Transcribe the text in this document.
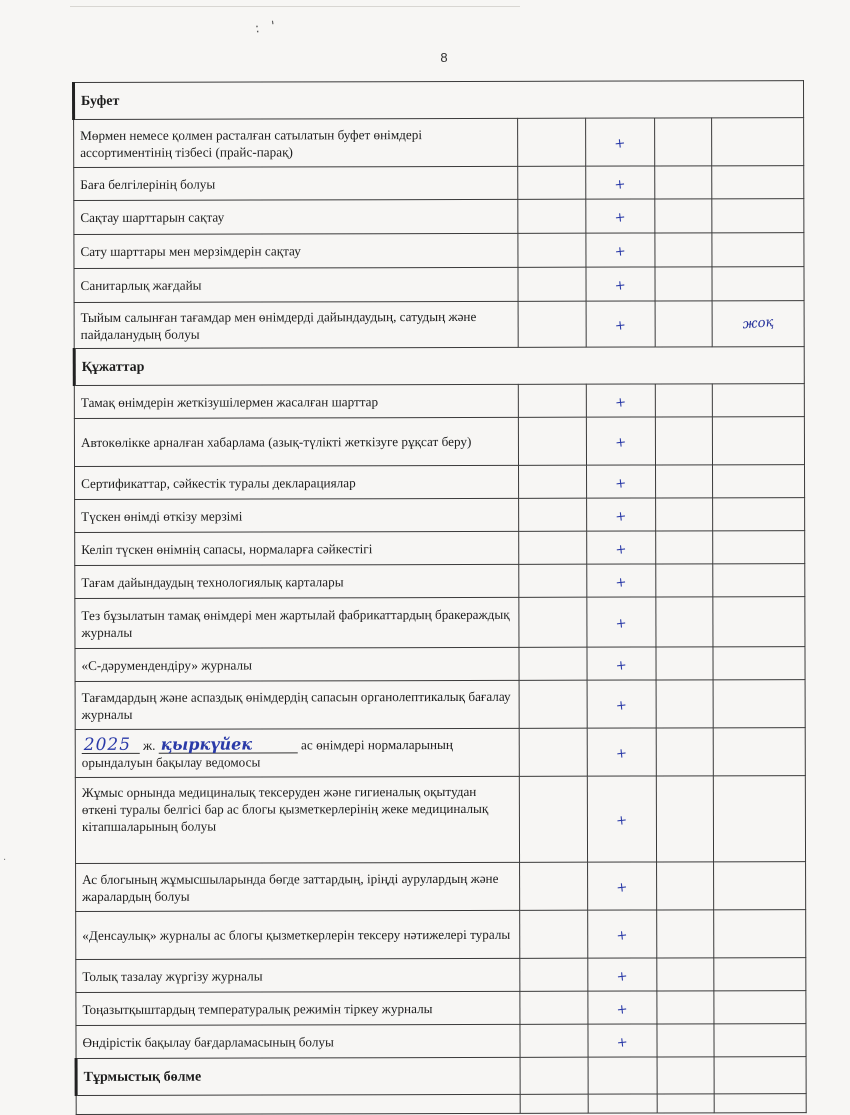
: '
8
·
Буфет				
Мөрмен немесе қолмен расталған сатылатын буфет өнімдері ассортиментінің тізбесі (прайс-парақ)		+		
Баға белгілерінің болуы		+		
Сақтау шарттарын сақтау		+		
Сату шарттары мен мерзімдерін сақтау		+		
Санитарлық жағдайы		+		
Тыйым салынған тағамдар мен өнімдерді дайындаудың, сатудың және пайдаланудың болуы		+		жоқ
Құжаттар				
Тамақ өнімдерін жеткізушілермен жасалған шарттар		+		
Автокөлікке арналған хабарлама (азық-түлікті жеткізуге рұқсат беру)		+		
Сертификаттар, сәйкестік туралы декларациялар		+		
Түскен өнімді өткізу мерзімі		+		
Келіп түскен өнімнің сапасы, нормаларға сәйкестігі		+		
Тағам дайындаудың технологиялық карталары		+		
Тез бұзылатын тамақ өнімдері мен жартылай фабрикаттардың бракераждық журналы		+		
«С-дәрумендендіру» журналы		+		
Тағамдардың және аспаздық өнімдердің сапасын органолептикалық бағалау журналы		+		
2025 ж. қыркүйек ас өнімдері нормаларының орындалуын бақылау ведомосы		+		
Жұмыс орнында медициналық тексеруден және гигиеналық оқытудан өткені туралы белгісі бар ас блогы қызметкерлерінің жеке медициналық кітапшаларының болуы		+		
Ас блогының жұмысшыларында бөгде заттардың, іріңді аурулардың және жаралардың болуы		+		
«Денсаулық» журналы ас блогы қызметкерлерін тексеру нәтижелері туралы		+		
Толық тазалау жүргізу журналы		+		
Тоңазытқыштардың температуралық режимін тіркеу журналы		+		
Өндірістік бақылау бағдарламасының болуы		+		
Тұрмыстық бөлме				
